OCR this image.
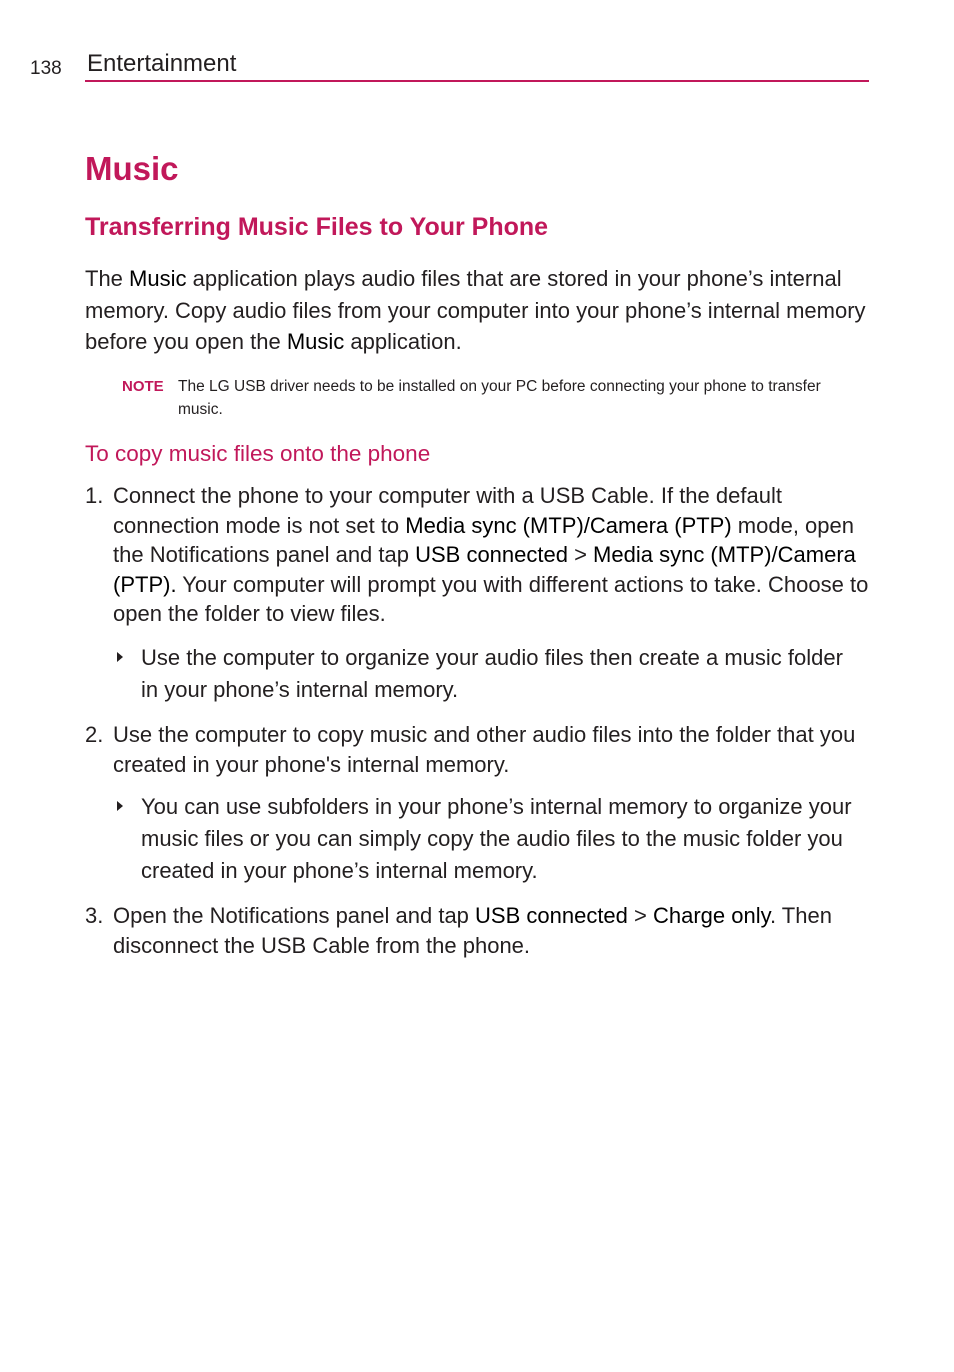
138 Entertainment
Music
Transferring Music Files to Your Phone

The Music application plays audio files that are stored in your phone’s internal memory. Copy audio files from your computer into your phone’s internal memory before you open the Music application.

NOTE The LG USB driver needs to be installed on your PC before connecting your phone to transfer music.
To copy music files onto the phone
1. Connect the phone to your computer with a USB Cable. If the default connection mode is not set to Media sync (MTP)/Camera (PTP) mode, open the Notifications panel and tap USB connected > Media sync (MTP)/Camera (PTP). Your computer will prompt you with different actions to take. Choose to open the folder to view files.
Use the computer to organize your audio files then create a music folder in your phone’s internal memory.
2. Use the computer to copy music and other audio files into the folder that you created in your phone's internal memory.
You can use subfolders in your phone’s internal memory to organize your music files or you can simply copy the audio files to the music folder you created in your phone’s internal memory.
3. Open the Notifications panel and tap USB connected > Charge only. Then disconnect the USB Cable from the phone.
